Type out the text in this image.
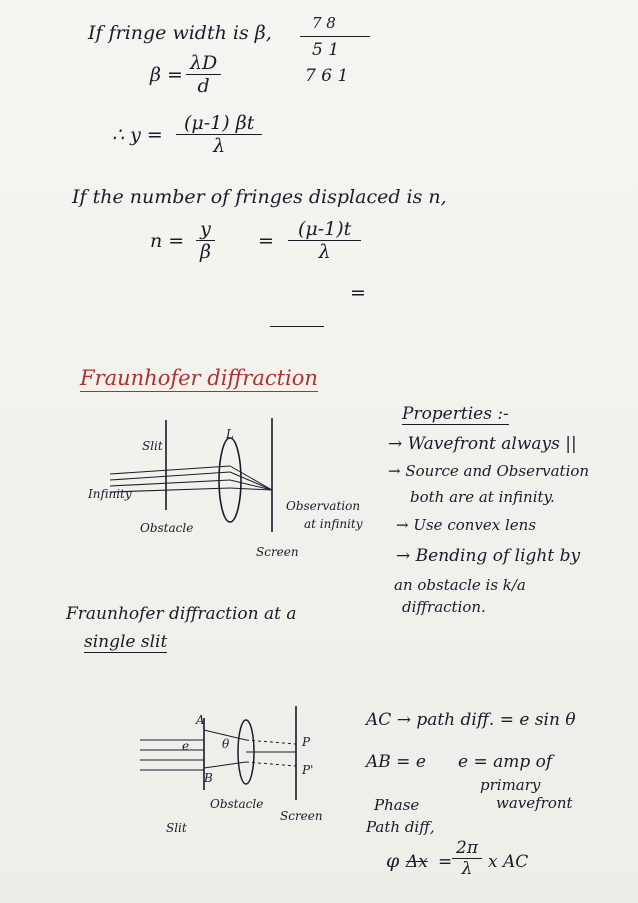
If fringe width is β,	7 8
5 1
7 6 1
$\beta = \frac{\lambda D}{d}$
∴ $y = \frac{(\mu-1) \beta t}{\lambda}$
If the number of fringes displaced is n,
$n = \frac{y}{\beta} = \frac{(\mu-1)t}{\lambda}$
=
Fraunhofer diffraction
Properties :-
→ Wavefront always ||
→ Source and Observation
both are at infinity.
→ Use convex lens
→ Bending of light by
an obstacle is k/a
diffraction.
Slit
L
Infinity
Obstacle
Observation
at infinity
Screen
Fraunhofer diffraction at a
single slit
A
B
e	θ	P
P'
Obstacle
Slit
Screen
AC → path diff. = e sin θ
AB = e e = amp of
primary
wavefront
Phase
Path diff,
φ $\Delta x = \frac{2\pi}{\lambda}$ x AC
